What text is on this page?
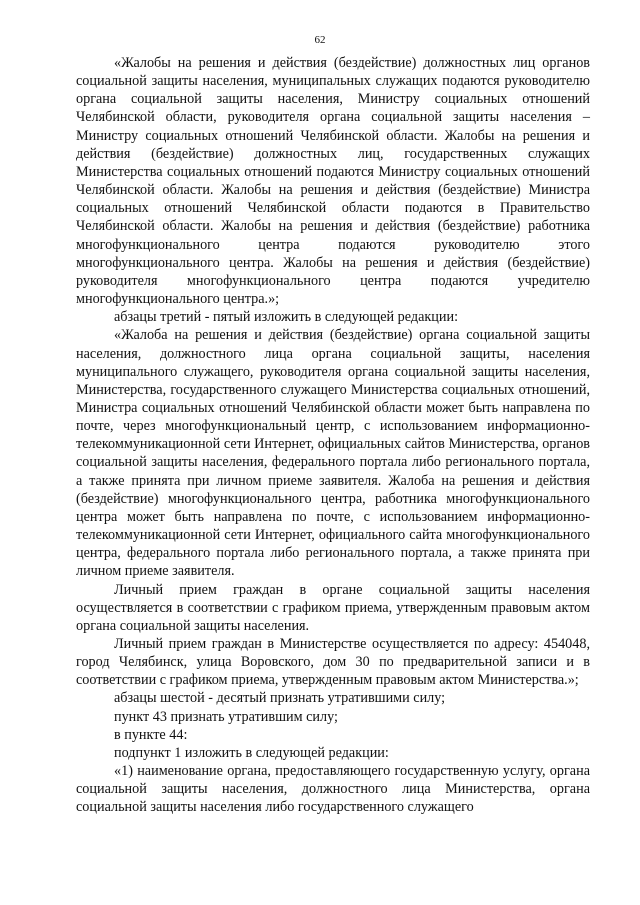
62

«Жалобы на решения и действия (бездействие) должностных лиц органов социальной защиты населения, муниципальных служащих подаются руководителю органа социальной защиты населения, Министру социальных отношений Челябинской области, руководителя органа социальной защиты населения – Министру социальных отношений Челябинской области. Жалобы на решения и действия (бездействие) должностных лиц, государственных служащих Министерства социальных отношений подаются Министру социальных отношений Челябинской области. Жалобы на решения и действия (бездействие) Министра социальных отношений Челябинской области подаются в Правительство Челябинской области. Жалобы на решения и действия (бездействие) работника многофункционального центра подаются руководителю этого многофункционального центра. Жалобы на решения и действия (бездействие) руководителя многофункционального центра подаются учредителю многофункционального центра.»;

абзацы третий - пятый изложить в следующей редакции:

«Жалоба на решения и действия (бездействие) органа социальной защиты населения, должностного лица органа социальной защиты, населения муниципального служащего, руководителя органа социальной защиты населения, Министерства, государственного служащего Министерства социальных отношений, Министра социальных отношений Челябинской области может быть направлена по почте, через многофункциональный центр, с использованием информационно-телекоммуникационной сети Интернет, официальных сайтов Министерства, органов социальной защиты населения, федерального портала либо регионального портала, а также принята при личном приеме заявителя. Жалоба на решения и действия (бездействие) многофункционального центра, работника многофункционального центра может быть направлена по почте, с использованием информационно-телекоммуникационной сети Интернет, официального сайта многофункционального центра, федерального портала либо регионального портала, а также принята при личном приеме заявителя.

Личный прием граждан в органе социальной защиты населения осуществляется в соответствии с графиком приема, утвержденным правовым актом органа социальной защиты населения.

Личный прием граждан в Министерстве осуществляется по адресу: 454048, город Челябинск, улица Воровского, дом 30 по предварительной записи и в соответствии с графиком приема, утвержденным правовым актом Министерства.»;

абзацы шестой - десятый признать утратившими силу;

пункт 43 признать утратившим силу;

в пункте 44:

подпункт 1 изложить в следующей редакции:

«1) наименование органа, предоставляющего государственную услугу, органа социальной защиты населения, должностного лица Министерства, органа социальной защиты населения либо государственного служащего
